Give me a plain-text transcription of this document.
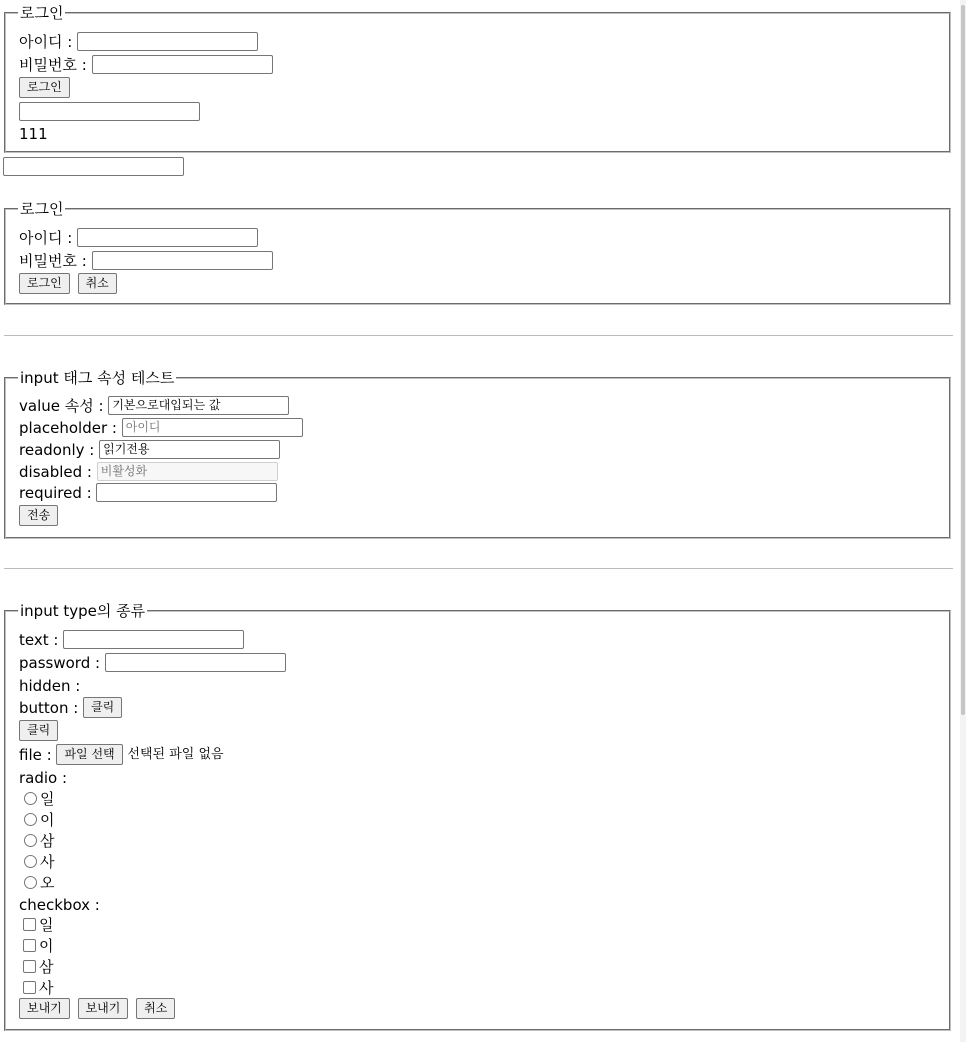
로그인
아이디 :
비밀번호 :
로그인
111
로그인
아이디 :
비밀번호 :
로그인 취소
input 태그 속성 테스트
value 속성 : 기본으로대입되는 값
placeholder : 아이디
readonly : 읽기전용
disabled : 비활성화
required :
전송
input type의 종류
text :
password :
hidden :
button : 클릭
클릭
file : 파일 선택 선택된 파일 없음
radio :
일
이
삼
사
오
checkbox :
일
이
삼
사
보내기 보내기 취소
